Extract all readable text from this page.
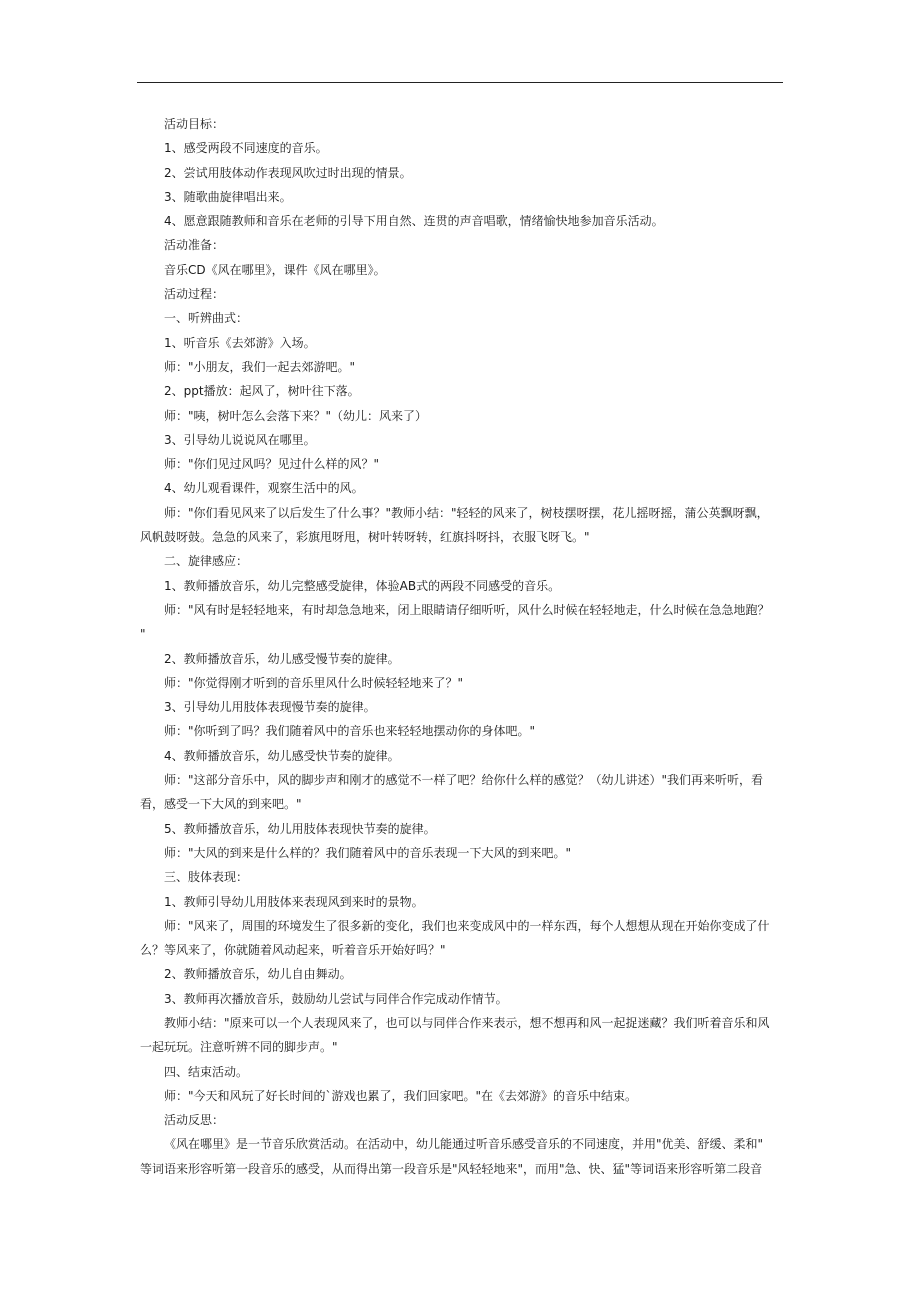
活动目标：

1、感受两段不同速度的音乐。

2、尝试用肢体动作表现风吹过时出现的情景。

3、随歌曲旋律唱出来。

4、愿意跟随教师和音乐在老师的引导下用自然、连贯的声音唱歌，情绪愉快地参加音乐活动。

活动准备：

音乐CD《风在哪里》，课件《风在哪里》。

活动过程：

一、听辨曲式：

1、听音乐《去郊游》入场。

师："小朋友，我们一起去郊游吧。"

2、ppt播放：起风了，树叶往下落。

师："咦，树叶怎么会落下来？"（幼儿：风来了）

3、引导幼儿说说风在哪里。

师："你们见过风吗？见过什么样的风？"

4、幼儿观看课件，观察生活中的风。

师："你们看见风来了以后发生了什么事？"教师小结："轻轻的风来了，树枝摆呀摆，花儿摇呀摇，蒲公英飘呀飘，

风帆鼓呀鼓。急急的风来了，彩旗甩呀甩，树叶转呀转，红旗抖呀抖，衣服飞呀飞。"

二、旋律感应：

1、教师播放音乐，幼儿完整感受旋律，体验AB式的两段不同感受的音乐。

师："风有时是轻轻地来，有时却急急地来，闭上眼睛请仔细听听，风什么时候在轻轻地走，什么时候在急急地跑？

"

2、教师播放音乐，幼儿感受慢节奏的旋律。

师："你觉得刚才听到的音乐里风什么时候轻轻地来了？"

3、引导幼儿用肢体表现慢节奏的旋律。

师："你听到了吗？我们随着风中的音乐也来轻轻地摆动你的身体吧。"

4、教师播放音乐，幼儿感受快节奏的旋律。

师："这部分音乐中，风的脚步声和刚才的感觉不一样了吧？给你什么样的感觉？（幼儿讲述）"我们再来听听，看

看，感受一下大风的到来吧。"

5、教师播放音乐，幼儿用肢体表现快节奏的旋律。

师："大风的到来是什么样的？我们随着风中的音乐表现一下大风的到来吧。"

三、肢体表现：

1、教师引导幼儿用肢体来表现风到来时的景物。

师："风来了，周围的环境发生了很多新的变化，我们也来变成风中的一样东西，每个人想想从现在开始你变成了什

么？等风来了，你就随着风动起来，听着音乐开始好吗？"

2、教师播放音乐，幼儿自由舞动。

3、教师再次播放音乐，鼓励幼儿尝试与同伴合作完成动作情节。

教师小结："原来可以一个人表现风来了，也可以与同伴合作来表示，想不想再和风一起捉迷藏？我们听着音乐和风

一起玩玩。注意听辨不同的脚步声。"

四、结束活动。

师："今天和风玩了好长时间的`游戏也累了，我们回家吧。"在《去郊游》的音乐中结束。

活动反思：

《风在哪里》是一节音乐欣赏活动。在活动中，幼儿能通过听音乐感受音乐的不同速度，并用"优美、舒缓、柔和"

等词语来形容听第一段音乐的感受，从而得出第一段音乐是"风轻轻地来"，而用"急、快、猛"等词语来形容听第二段音
